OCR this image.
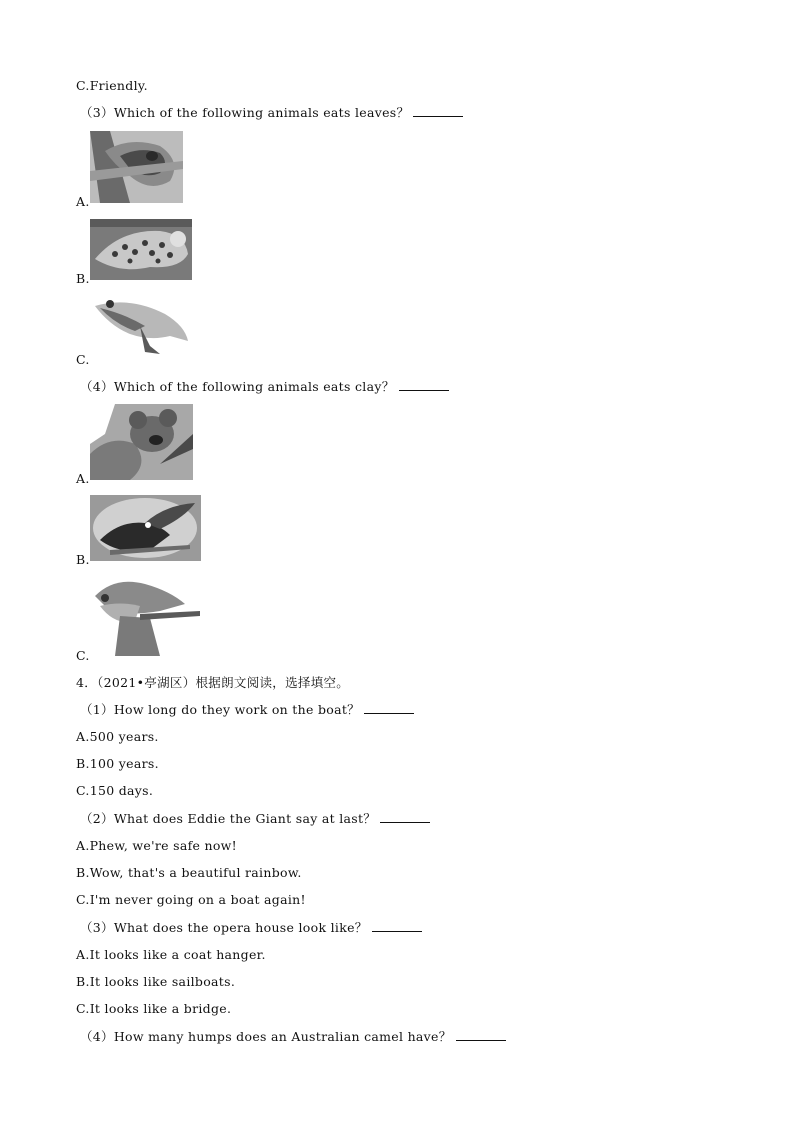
C.Friendly.
（3）Which of the following animals eats leaves？
A.
B.
C.
（4）Which of the following animals eats clay？
A.
B.
C.
4．（2021•亭湖区）根据朗文阅读，选择填空。
（1）How long do they work on the boat？
A.500 years.
B.100 years.
C.150 days.
（2）What does Eddie the Giant say at last？
A.Phew, we're safe now!
B.Wow, that's a beautiful rainbow.
C.I'm never going on a boat again!
（3）What does the opera house look like？
A.It looks like a coat hanger.
B.It looks like sailboats.
C.It looks like a bridge.
（4）How many humps does an Australian camel have？
